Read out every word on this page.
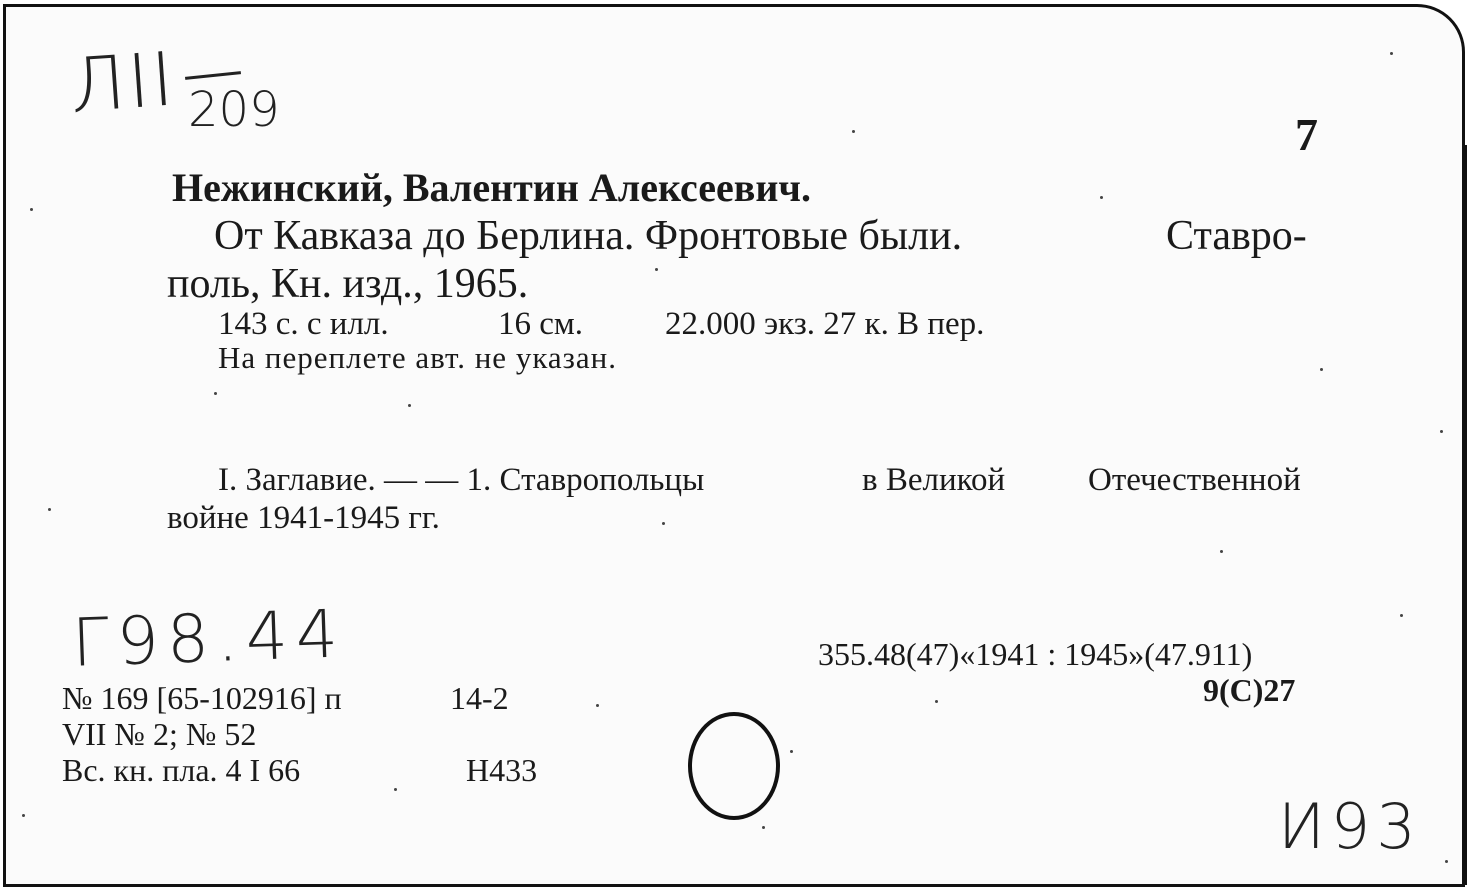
ЛII 209	7
Нежинский, Валентин Алексеевич.
От Кавказа до Берлина. Фронтовые были.	Ставро-
поль, Кн. изд., 1965.
143 с. с илл.	16 см. 22.000 экз. 27 к. В пер.
На переплете авт. не указан.
I. Заглавие. — — 1. Ставропольцы	в Великой	Отечественной
войне 1941-1945 гг.
Г98.44	355.48(47)«1941 : 1945»(47.911)
9(С)27
№ 169 [65-102916] п	14-2
VII № 2; № 52
Вс. кн. пла. 4 I 66	Н433
И93
